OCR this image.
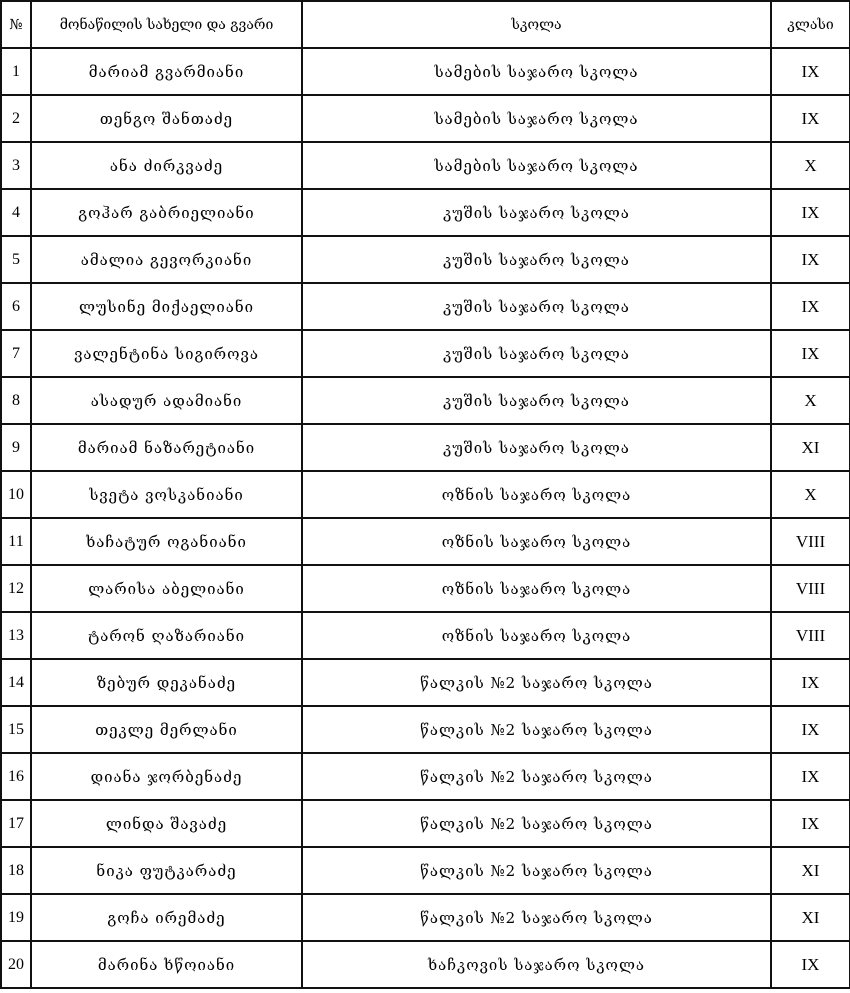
№	მონაწილის სახელი და გვარი	სკოლა	კლასი
1	მარიამ გვარმიანი	სამების საჯარო სკოლა	IX
2	თენგო შანთაძე	სამების საჯარო სკოლა	IX
3	ანა ძირკვაძე	სამების საჯარო სკოლა	X
4	გოჰარ გაბრიელიანი	კუშის საჯარო სკოლა	IX
5	ამალია გევორკიანი	კუშის საჯარო სკოლა	IX
6	ლუსინე მიქაელიანი	კუშის საჯარო სკოლა	IX
7	ვალენტინა სიგიროვა	კუშის საჯარო სკოლა	IX
8	ასადურ ადამიანი	კუშის საჯარო სკოლა	X
9	მარიამ ნაზარეტიანი	კუშის საჯარო სკოლა	XI
10	სვეტა ვოსკანიანი	ოზნის საჯარო სკოლა	X
11	ხაჩატურ ოგანიანი	ოზნის საჯარო სკოლა	VIII
12	ლარისა აბელიანი	ოზნის საჯარო სკოლა	VIII
13	ტარონ ღაზარიანი	ოზნის საჯარო სკოლა	VIII
14	ზებურ დეკანაძე	წალკის №2 საჯარო სკოლა	IX
15	თეკლე მერლანი	წალკის №2 საჯარო სკოლა	IX
16	დიანა ჯორბენაძე	წალკის №2 საჯარო სკოლა	IX
17	ლინდა შავაძე	წალკის №2 საჯარო სკოლა	IX
18	ნიკა ფუტკარაძე	წალკის №2 საჯარო სკოლა	XI
19	გოჩა ირემაძე	წალკის №2 საჯარო სკოლა	XI
20	მარინა ხწოიანი	ხაჩკოვის საჯარო სკოლა	IX
